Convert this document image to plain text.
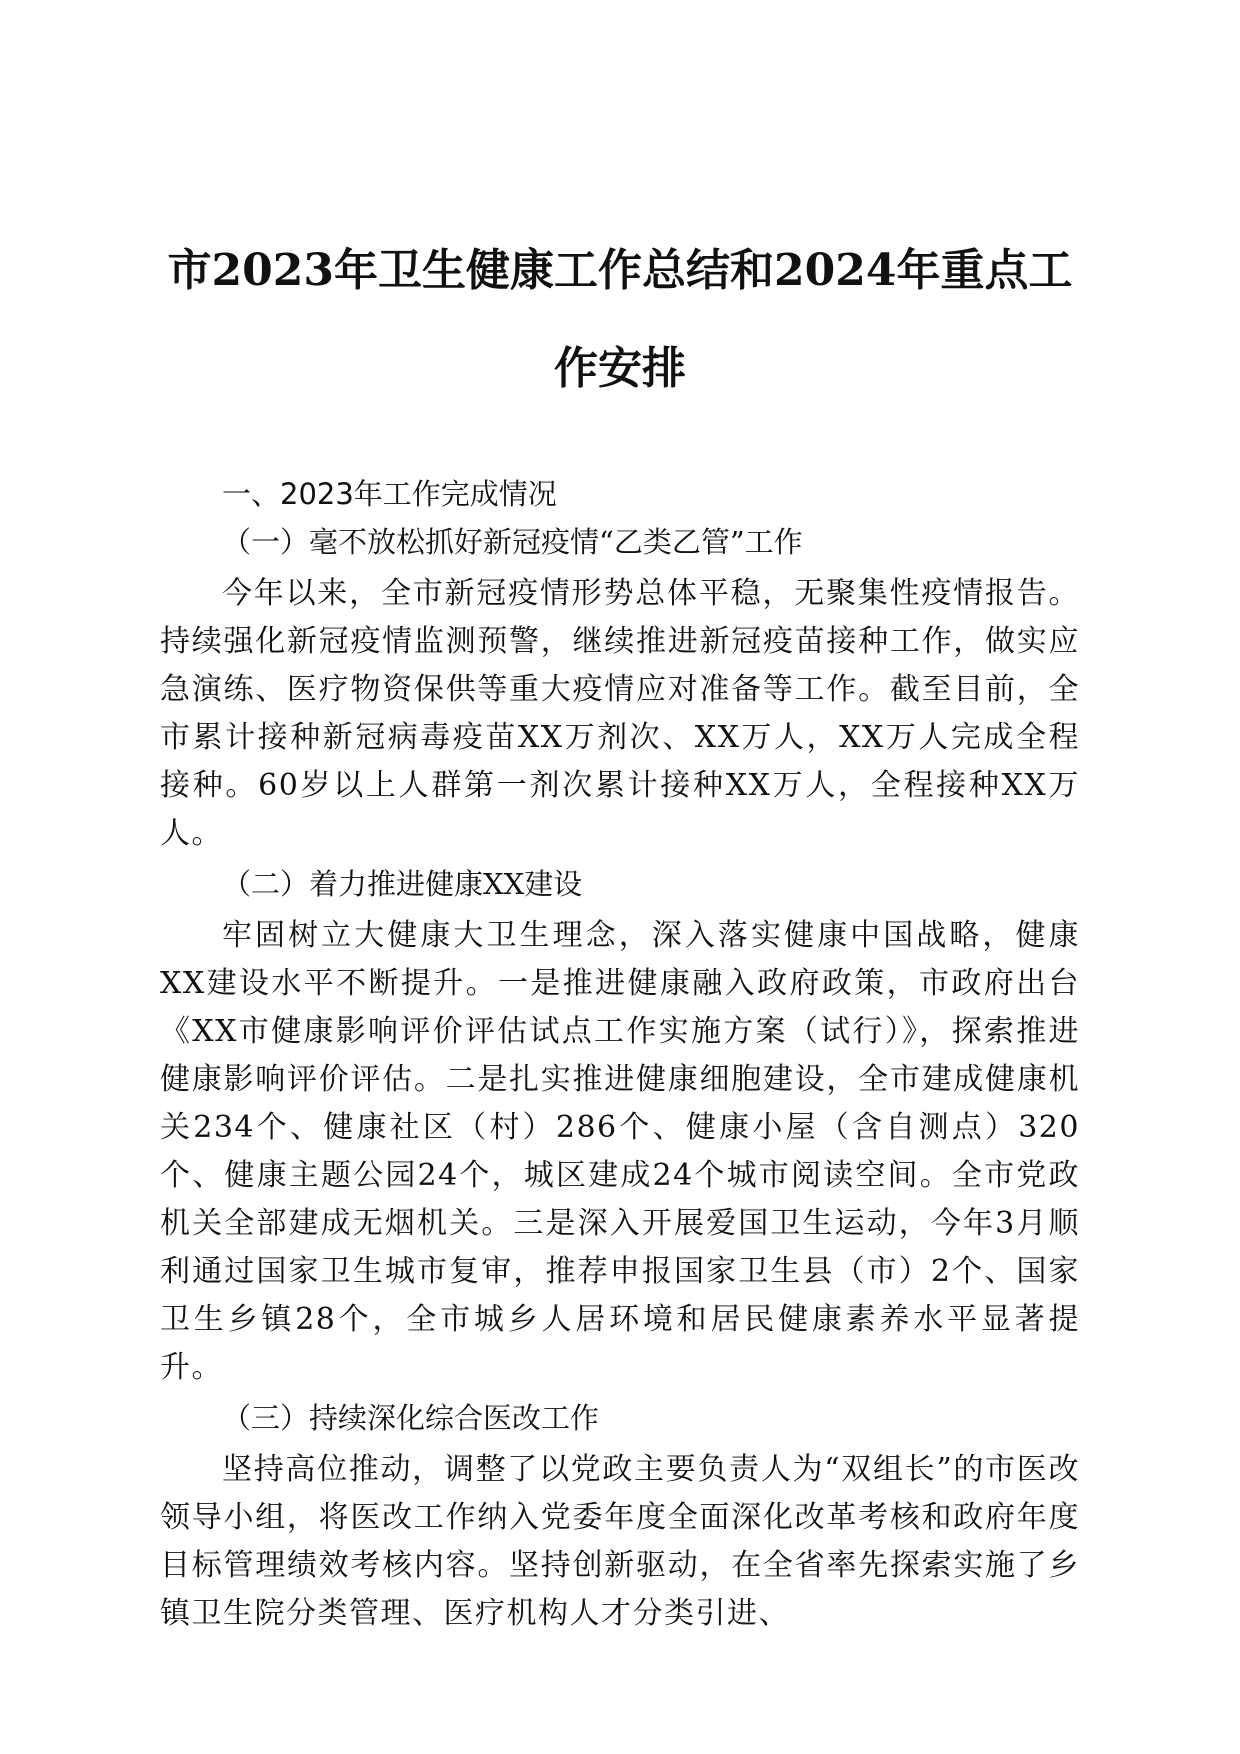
市2023年卫生健康工作总结和2024年重点工作安排

一、2023年工作完成情况

（一）毫不放松抓好新冠疫情“乙类乙管”工作

今年以来，全市新冠疫情形势总体平稳，无聚集性疫情报告。持续强化新冠疫情监测预警，继续推进新冠疫苗接种工作，做实应急演练、医疗物资保供等重大疫情应对准备等工作。截至目前，全市累计接种新冠病毒疫苗XX万剂次、XX万人，XX万人完成全程接种。60岁以上人群第一剂次累计接种XX万人，全程接种XX万人。

（二）着力推进健康XX建设

牢固树立大健康大卫生理念，深入落实健康中国战略，健康XX建设水平不断提升。一是推进健康融入政府政策，市政府出台《XX市健康影响评价评估试点工作实施方案（试行）》，探索推进健康影响评价评估。二是扎实推进健康细胞建设，全市建成健康机关234个、健康社区（村）286个、健康小屋（含自测点）320个、健康主题公园24个，城区建成24个城市阅读空间。全市党政机关全部建成无烟机关。三是深入开展爱国卫生运动，今年3月顺利通过国家卫生城市复审，推荐申报国家卫生县（市）2个、国家卫生乡镇28个，全市城乡人居环境和居民健康素养水平显著提升。

（三）持续深化综合医改工作

坚持高位推动，调整了以党政主要负责人为“双组长”的市医改领导小组，将医改工作纳入党委年度全面深化改革考核和政府年度目标管理绩效考核内容。坚持创新驱动，在全省率先探索实施了乡镇卫生院分类管理、医疗机构人才分类引进、
